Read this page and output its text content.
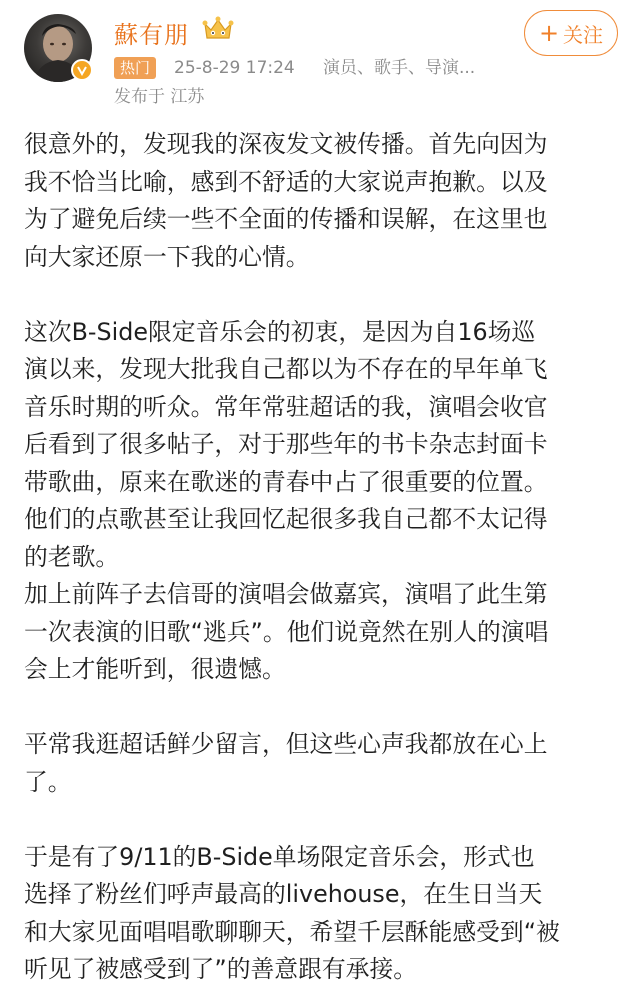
蘇有朋
热门	25-8-29 17:24 演员、歌手、导演...
发布于 江苏
+ 关注

很意外的，发现我的深夜发文被传播。首先向因为

我不恰当比喻，感到不舒适的大家说声抱歉。以及

为了避免后续一些不全面的传播和误解，在这里也

向大家还原一下我的心情。

这次B-Side限定音乐会的初衷，是因为自16场巡

演以来，发现大批我自己都以为不存在的早年单飞

音乐时期的听众。常年常驻超话的我，演唱会收官

后看到了很多帖子，对于那些年的书卡杂志封面卡

带歌曲，原来在歌迷的青春中占了很重要的位置。

他们的点歌甚至让我回忆起很多我自己都不太记得

的老歌。

加上前阵子去信哥的演唱会做嘉宾，演唱了此生第

一次表演的旧歌“逃兵”。他们说竟然在别人的演唱

会上才能听到，很遗憾。

平常我逛超话鲜少留言，但这些心声我都放在心上

了。

于是有了9/11的B-Side单场限定音乐会，形式也

选择了粉丝们呼声最高的livehouse，在生日当天

和大家见面唱唱歌聊聊天，希望千层酥能感受到“被

听见了被感受到了”的善意跟有承接。
